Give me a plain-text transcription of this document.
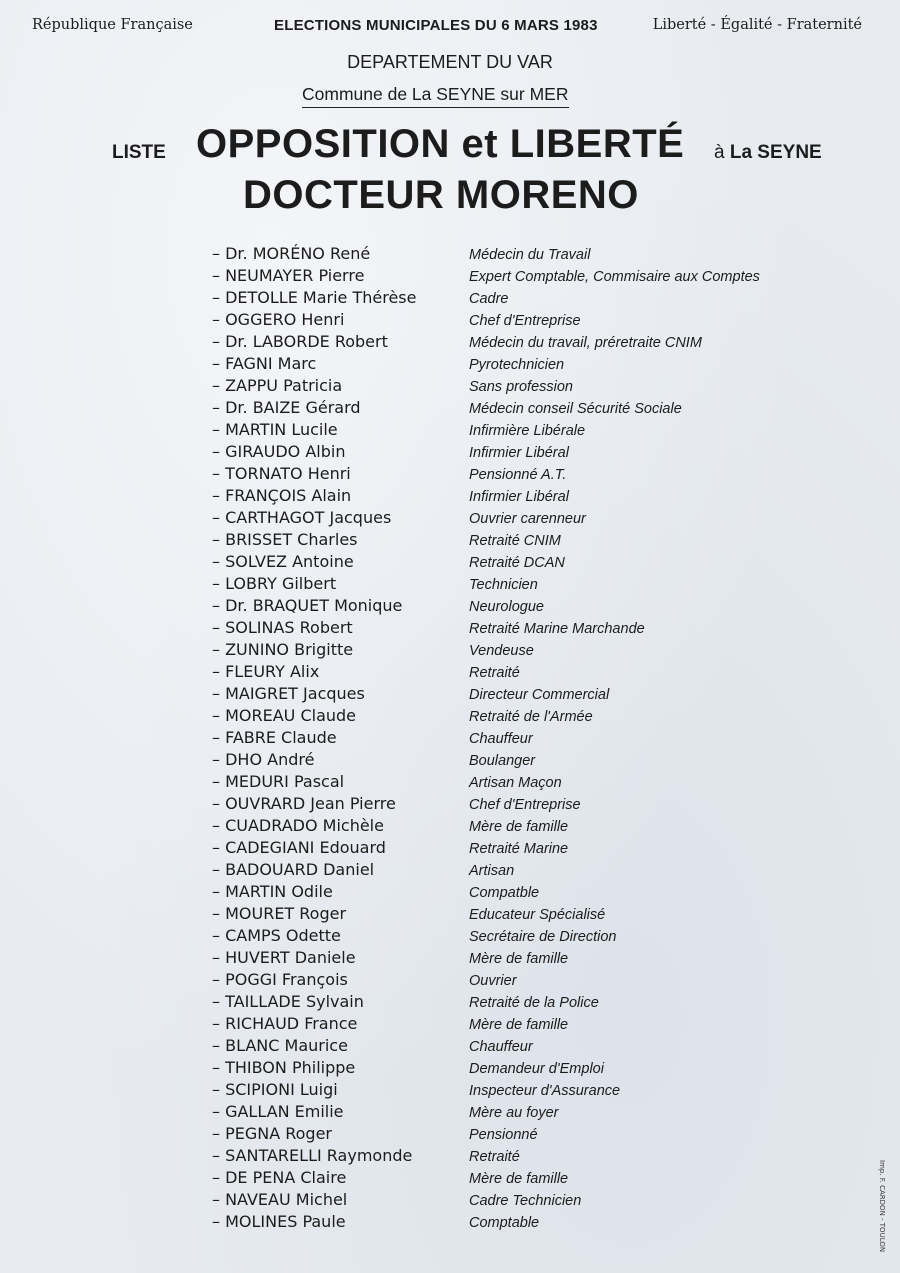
République Française	ELECTIONS MUNICIPALES DU 6 MARS 1983	Liberté - Égalité - Fraternité
DEPARTEMENT DU VAR
Commune de La SEYNE sur MER
LISTE OPPOSITION et LIBERTÉ à La SEYNE
DOCTEUR MORENO
– Dr. MORÉNO René	Médecin du Travail
– NEUMAYER Pierre	Expert Comptable, Commisaire aux Comptes
– DETOLLE Marie Thérèse	Cadre
– OGGERO Henri	Chef d'Entreprise
– Dr. LABORDE Robert	Médecin du travail, préretraite CNIM
– FAGNI Marc	Pyrotechnicien
– ZAPPU Patricia	Sans profession
– Dr. BAIZE Gérard	Médecin conseil Sécurité Sociale
– MARTIN Lucile	Infirmière Libérale
– GIRAUDO Albin	Infirmier Libéral
– TORNATO Henri	Pensionné A.T.
– FRANÇOIS Alain	Infirmier Libéral
– CARTHAGOT Jacques	Ouvrier carenneur
– BRISSET Charles	Retraité CNIM
– SOLVEZ Antoine	Retraité DCAN
– LOBRY Gilbert	Technicien
– Dr. BRAQUET Monique	Neurologue
– SOLINAS Robert	Retraité Marine Marchande
– ZUNINO Brigitte	Vendeuse
– FLEURY Alix	Retraité
– MAIGRET Jacques	Directeur Commercial
– MOREAU Claude	Retraité de l'Armée
– FABRE Claude	Chauffeur
– DHO André	Boulanger
– MEDURI Pascal	Artisan Maçon
– OUVRARD Jean Pierre	Chef d'Entreprise
– CUADRADO Michèle	Mère de famille
– CADEGIANI Edouard	Retraité Marine
– BADOUARD Daniel	Artisan
– MARTIN Odile	Compatble
– MOURET Roger	Educateur Spécialisé
– CAMPS Odette	Secrétaire de Direction
– HUVERT Daniele	Mère de famille
– POGGI François	Ouvrier
– TAILLADE Sylvain	Retraité de la Police
– RICHAUD France	Mère de famille
– BLANC Maurice	Chauffeur
– THIBON Philippe	Demandeur d'Emploi
– SCIPIONI Luigi	Inspecteur d'Assurance
– GALLAN Emilie	Mère au foyer
– PEGNA Roger	Pensionné
– SANTARELLI Raymonde	Retraité
– DE PENA Claire	Mère de famille
– NAVEAU Michel	Cadre Technicien
– MOLINES Paule	Comptable	Imp. F. CARDON - TOULON
